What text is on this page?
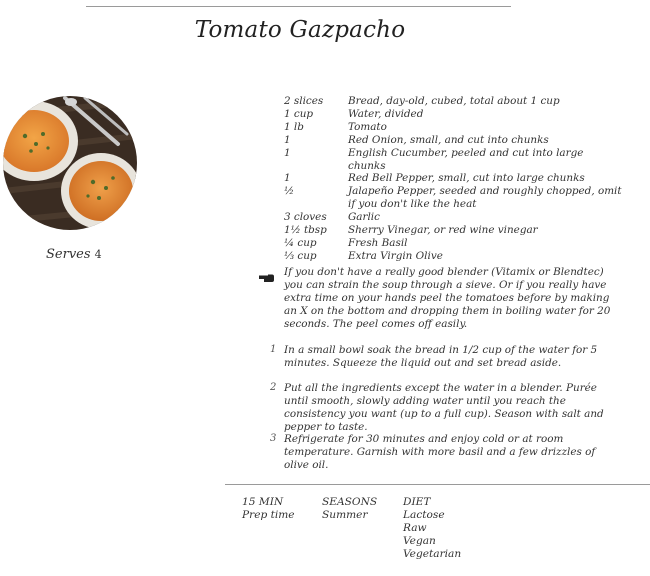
Tomato Gazpacho
Serves 4
2 slices	Bread, day-old, cubed, total about 1 cup
1 cup	Water, divided
1 lb	Tomato
1	Red Onion, small, and cut into chunks
1	English Cucumber, peeled and cut into large chunks
1	Red Bell Pepper, small, cut into large chunks
½	Jalapeño Pepper, seeded and roughly chopped, omit if you don't like the heat
3 cloves	Garlic
1½ tbsp	Sherry Vinegar, or red wine vinegar
¼ cup	Fresh Basil
⅓ cup	Extra Virgin Olive
If you don't have a really good blender (Vitamix or Blendtec) you can strain the soup through a sieve. Or if you really have extra time on your hands peel the tomatoes before by making an X on the bottom and dropping them in boiling water for 20 seconds. The peel comes off easily.
1 In a small bowl soak the bread in 1/2 cup of the water for 5 minutes. Squeeze the liquid out and set bread aside.
2 Put all the ingredients except the water in a blender. Purée until smooth, slowly adding water until you reach the consistency you want (up to a full cup). Season with salt and pepper to taste.
3 Refrigerate for 30 minutes and enjoy cold or at room temperature. Garnish with more basil and a few drizzles of olive oil.
15 MIN
Prep time
SEASONS
Summer
DIET
Lactose
Raw
Vegan
Vegetarian
